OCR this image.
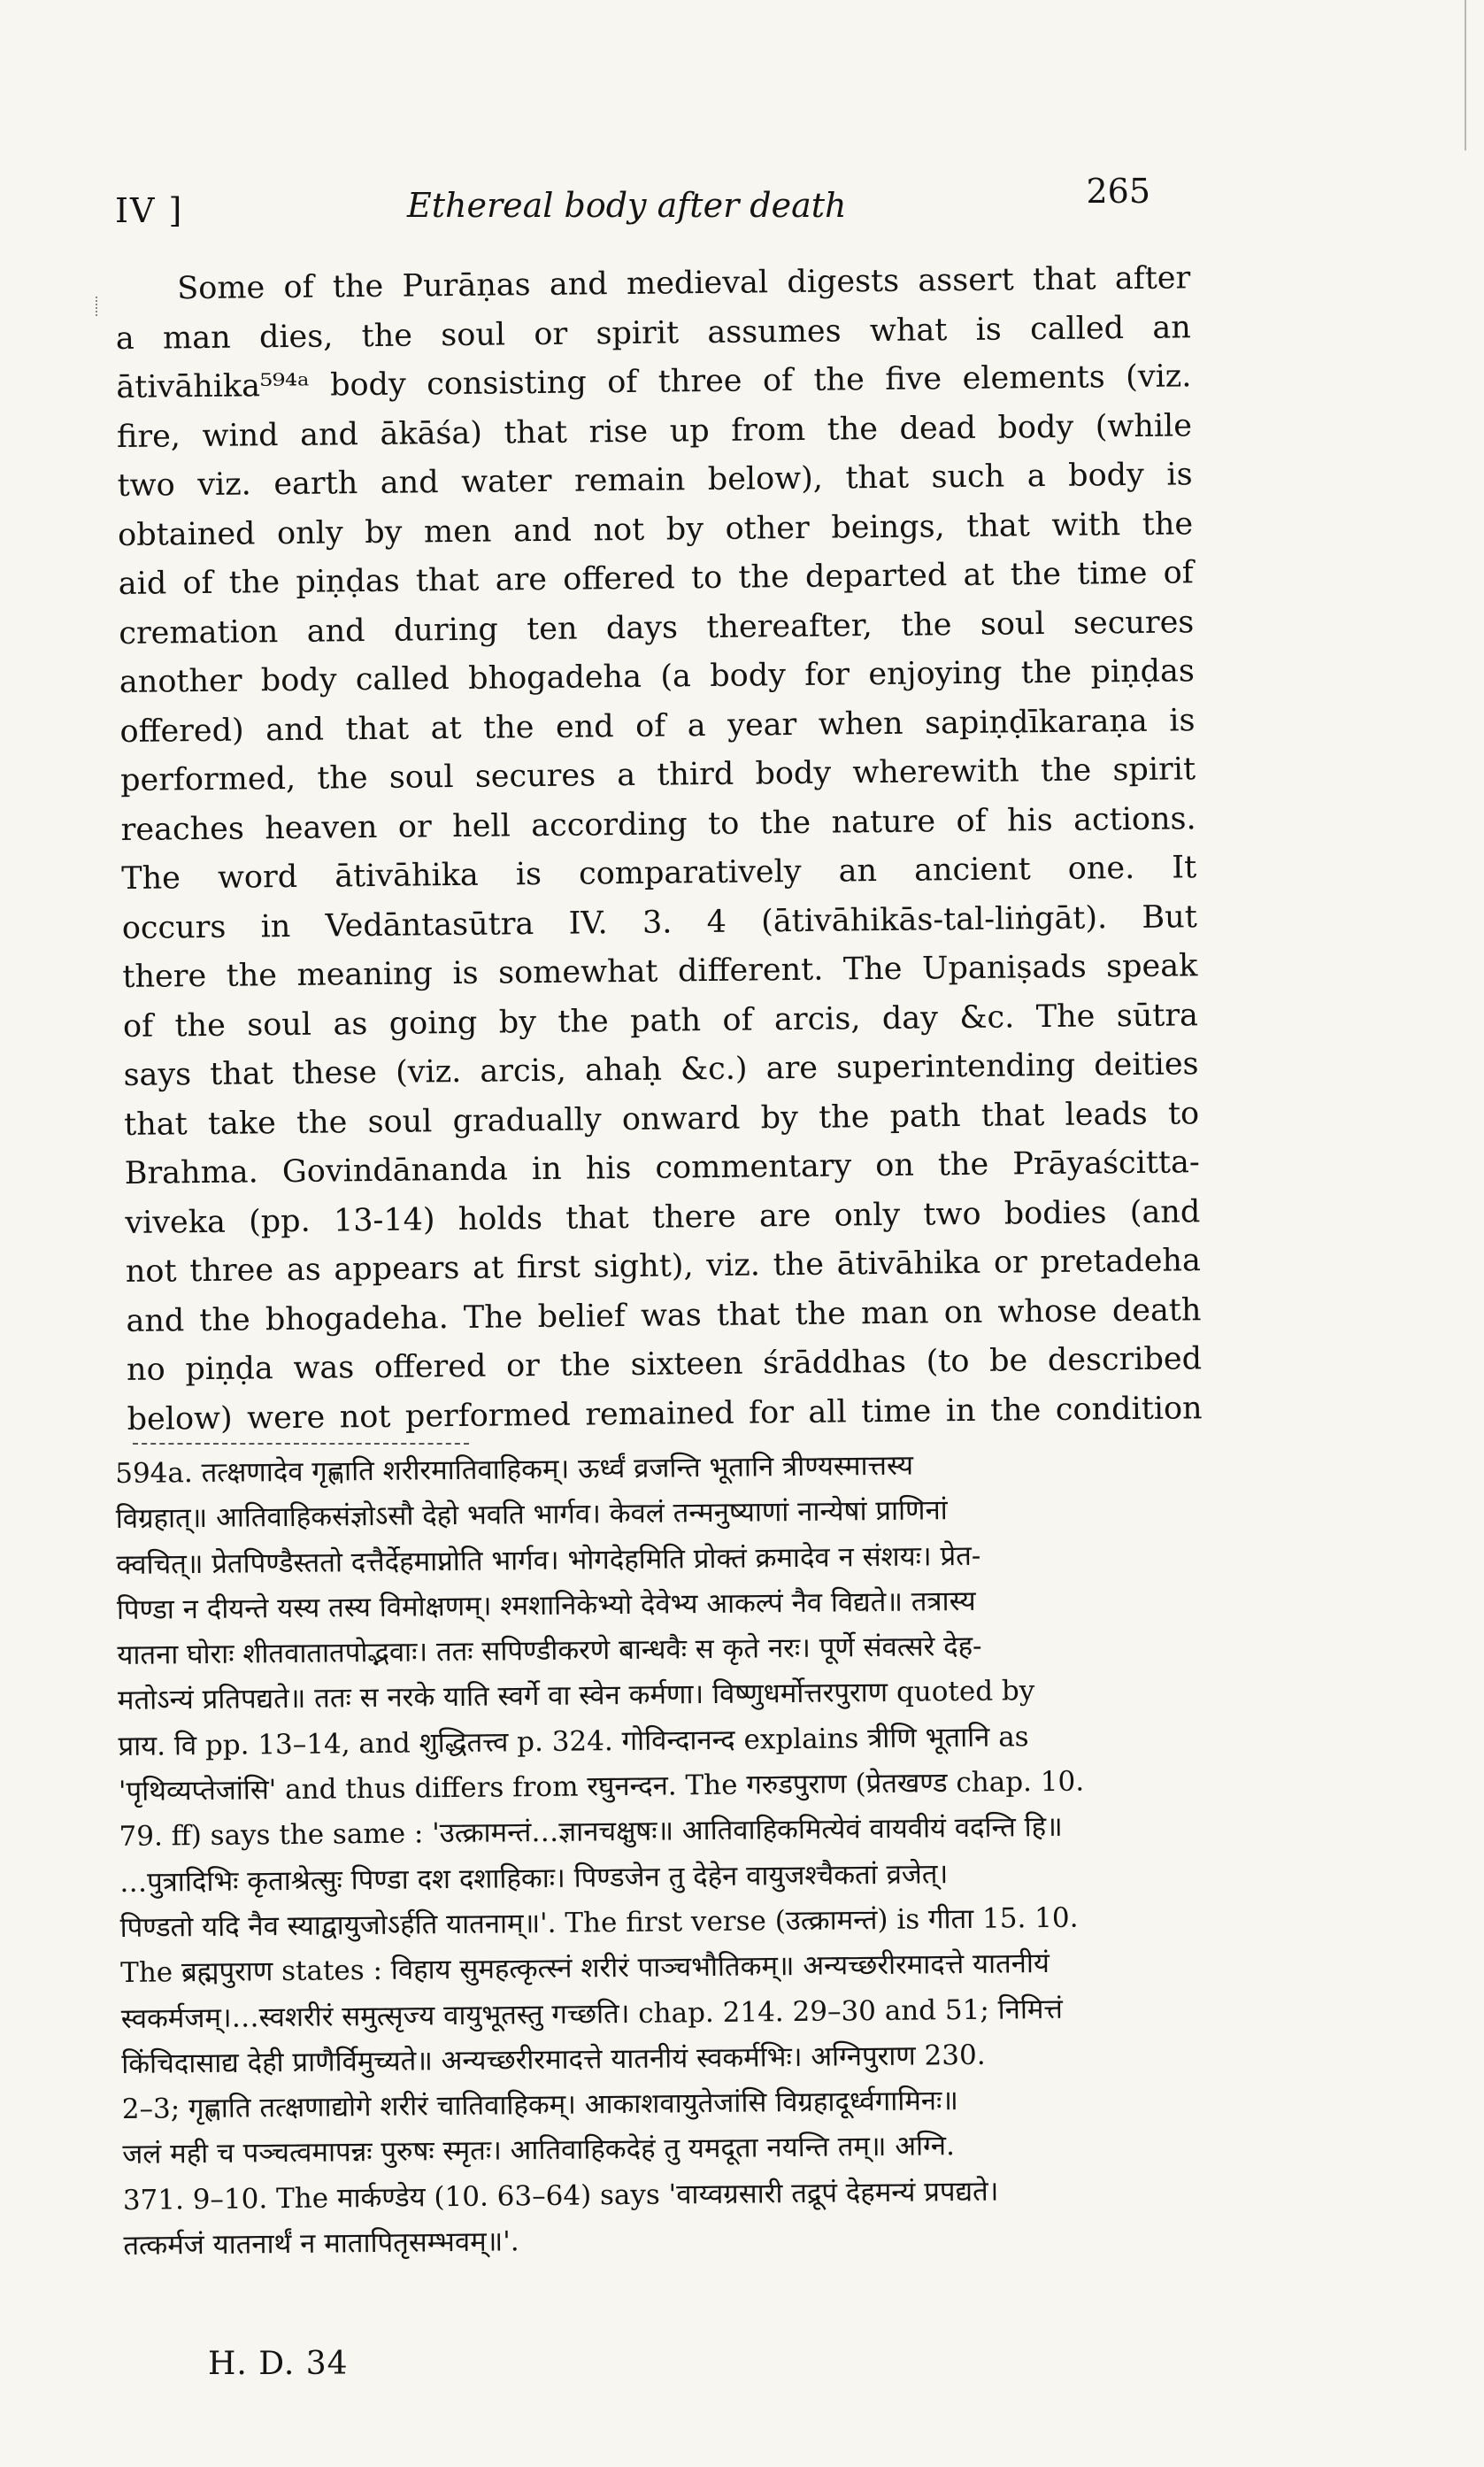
IV ]	Ethereal body after death	265
Some of the Purāṇas and medieval digests assert that after
a man dies, the soul or spirit assumes what is called an
ātivāhika⁵⁹⁴ᵃ body consisting of three of the five elements (viz.
fire, wind and ākāśa) that rise up from the dead body (while
two viz. earth and water remain below), that such a body is
obtained only by men and not by other beings, that with the
aid of the piṇḍas that are offered to the departed at the time of
cremation and during ten days thereafter, the soul secures
another body called bhogadeha (a body for enjoying the piṇḍas
offered) and that at the end of a year when sapiṇḍīkaraṇa is
performed, the soul secures a third body wherewith the spirit
reaches heaven or hell according to the nature of his actions.
The word ātivāhika is comparatively an ancient one. It
occurs in Vedāntasūtra IV. 3. 4 (ātivāhikās-tal-liṅgāt). But
there the meaning is somewhat different. The Upaniṣads speak
of the soul as going by the path of arcis, day &c. The sūtra
says that these (viz. arcis, ahaḥ &c.) are superintending deities
that take the soul gradually onward by the path that leads to
Brahma. Govindānanda in his commentary on the Prāyaścitta-
viveka (pp. 13-14) holds that there are only two bodies (and
not three as appears at first sight), viz. the ātivāhika or pretadeha
and the bhogadeha. The belief was that the man on whose death
no piṇḍa was offered or the sixteen śrāddhas (to be described
below) were not performed remained for all time in the condition
594a. तत्क्षणादेव गृह्णाति शरीरमातिवाहिकम्। ऊर्ध्वं व्रजन्ति भूतानि त्रीण्यस्मात्तस्य
विग्रहात्॥ आतिवाहिकसंज्ञोऽसौ देहो भवति भार्गव। केवलं तन्मनुष्याणां नान्येषां प्राणिनां
क्वचित्॥ प्रेतपिण्डैस्ततो दत्तैर्देहमाप्नोति भार्गव। भोगदेहमिति प्रोक्तं क्रमादेव न संशयः। प्रेत-
पिण्डा न दीयन्ते यस्य तस्य विमोक्षणम्। श्मशानिकेभ्यो देवेभ्य आकल्पं नैव विद्यते॥ तत्रास्य
यातना घोराः शीतवातातपोद्भवाः। ततः सपिण्डीकरणे बान्धवैः स कृते नरः। पूर्णे संवत्सरे देह-
मतोऽन्यं प्रतिपद्यते॥ ततः स नरके याति स्वर्गे वा स्वेन कर्मणा। विष्णुधर्मोत्तरपुराण quoted by
प्राय. वि pp. 13–14, and शुद्धितत्त्व p. 324. गोविन्दानन्द explains त्रीणि भूतानि as
'पृथिव्यप्तेजांसि' and thus differs from रघुनन्दन. The गरुडपुराण (प्रेतखण्ड chap. 10.
79. ff) says the same : 'उत्क्रामन्तं…ज्ञानचक्षुषः॥ आतिवाहिकमित्येवं वायवीयं वदन्ति हि॥
…पुत्रादिभिः कृताश्रेत्सुः पिण्डा दश दशाहिकाः। पिण्डजेन तु देहेन वायुजश्चैकतां व्रजेत्।
पिण्डतो यदि नैव स्याद्वायुजोऽर्हति यातनाम्॥'. The first verse (उत्क्रामन्तं) is गीता 15. 10.
The ब्रह्मपुराण states : विहाय सुमहत्कृत्स्नं शरीरं पाञ्चभौतिकम्॥ अन्यच्छरीरमादत्ते यातनीयं
स्वकर्मजम्।…स्वशरीरं समुत्सृज्य वायुभूतस्तु गच्छति। chap. 214. 29–30 and 51; निमित्तं
किंचिदासाद्य देही प्राणैर्विमुच्यते॥ अन्यच्छरीरमादत्ते यातनीयं स्वकर्मभिः। अग्निपुराण 230.
2–3; गृह्णाति तत्क्षणाद्योगे शरीरं चातिवाहिकम्। आकाशवायुतेजांसि विग्रहादूर्ध्वगामिनः॥
जलं मही च पञ्चत्वमापन्नः पुरुषः स्मृतः। आतिवाहिकदेहं तु यमदूता नयन्ति तम्॥ अग्नि.
371. 9–10. The मार्कण्डेय (10. 63–64) says 'वाय्वग्रसारी तद्रूपं देहमन्यं प्रपद्यते।
तत्कर्मजं यातनार्थं न मातापितृसम्भवम्॥'.
H. D. 34
